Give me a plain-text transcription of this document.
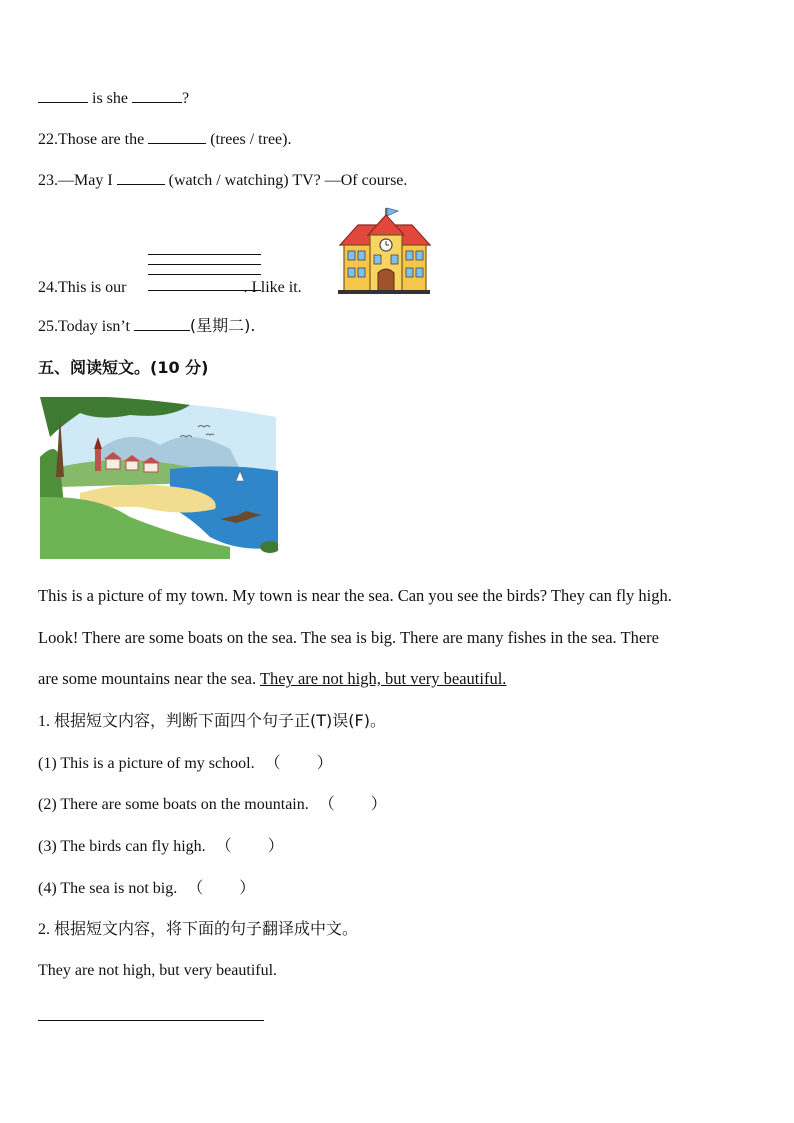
is she	?
22.Those are the	(trees / tree).
23.—May I	(watch / watching) TV? —Of course.
24.This is our	. I like it.
25.Today isn’t	(星期二).
五、阅读短文。(10 分)
This is a picture of my town. My town is near the sea. Can you see the birds? They can fly high.
Look! There are some boats on the sea. The sea is big. There are many fishes in the sea. There
are some mountains near the sea. They are not high, but very beautiful.
1. 根据短文内容，判断下面四个句子正(T)误(F)。
(1) This is a picture of my school. （ ）
(2) There are some boats on the mountain. （ ）
(3) The birds can fly high. （ ）
(4) The sea is not big. （ ）
2. 根据短文内容，将下面的句子翻译成中文。
They are not high, but very beautiful.
